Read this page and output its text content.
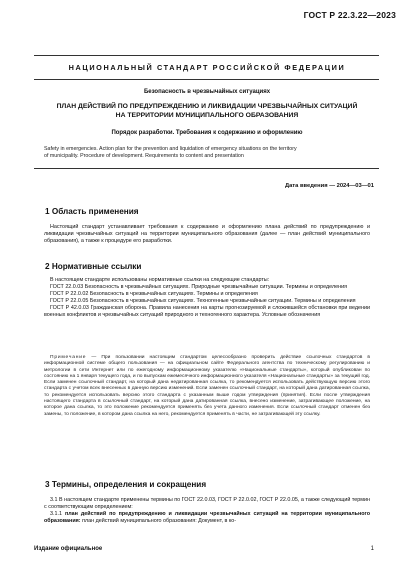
ГОСТ Р 22.3.22—2023
НАЦИОНАЛЬНЫЙ СТАНДАРТ РОССИЙСКОЙ ФЕДЕРАЦИИ
Безопасность в чрезвычайных ситуациях
ПЛАН ДЕЙСТВИЙ ПО ПРЕДУПРЕЖДЕНИЮ И ЛИКВИДАЦИИ ЧРЕЗВЫЧАЙНЫХ СИТУАЦИЙ
НА ТЕРРИТОРИИ МУНИЦИПАЛЬНОГО ОБРАЗОВАНИЯ
Порядок разработки. Требования к содержанию и оформлению
Safety in emergencies. Action plan for the prevention and liquidation of emergency situations on the territory
of municipality. Procedure of development. Requirements to content and presentation
Дата введения — 2024—03—01
1 Область применения
Настоящий стандарт устанавливает требования к содержанию и оформлению плана действий по предупреждению и ликвидации чрезвычайных ситуаций на территории муниципального образования (далее — план действий муниципального образования), а также к процедуре его разработки.
2 Нормативные ссылки
В настоящем стандарте использованы нормативные ссылки на следующие стандарты:
ГОСТ 22.0.03 Безопасность в чрезвычайных ситуациях. Природные чрезвычайные ситуации. Термины и определения
ГОСТ Р 22.0.02 Безопасность в чрезвычайных ситуациях. Термины и определения
ГОСТ Р 22.0.05 Безопасность в чрезвычайных ситуациях. Техногенные чрезвычайные ситуации. Термины и определения
ГОСТ Р 42.0.03 Гражданская оборона. Правила нанесения на карты прогнозируемой и сложившейся обстановки при ведении военных конфликтов и чрезвычайных ситуаций природного и техногенного характера. Условные обозначения
Примечание — При пользовании настоящим стандартом целесообразно проверить действие ссылочных стандартов в информационной системе общего пользования — на официальном сайте Федерального агентства по техническому регулированию и метрологии в сети Интернет или по ежегодному информационному указателю «Национальные стандарты», который опубликован по состоянию на 1 января текущего года, и по выпускам ежемесячного информационного указателя «Национальные стандарты» за текущий год. Если заменен ссылочный стандарт, на который дана недатированная ссылка, то рекомендуется использовать действующую версию этого стандарта с учетом всех внесенных в данную версию изменений. Если заменен ссылочный стандарт, на который дана датированная ссылка, то рекомендуется использовать версию этого стандарта с указанным выше годом утверждения (принятия). Если после утверждения настоящего стандарта в ссылочный стандарт, на который дана датированная ссылка, внесено изменение, затрагивающее положение, на которое дана ссылка, то это положение рекомендуется применять без учета данного изменения. Если ссылочный стандарт отменен без замены, то положение, в котором дана ссылка на него, рекомендуется применять в части, не затрагивающей эту ссылку.
3 Термины, определения и сокращения
3.1 В настоящем стандарте применены термины по ГОСТ 22.0.03, ГОСТ Р 22.0.02, ГОСТ Р 22.0.05, а также следующий термин с соответствующим определением:
3.1.1 план действий по предупреждению и ликвидации чрезвычайных ситуаций на территории муниципального образования: план действий муниципального образования: Документ, в ко-
Издание официальное	1
